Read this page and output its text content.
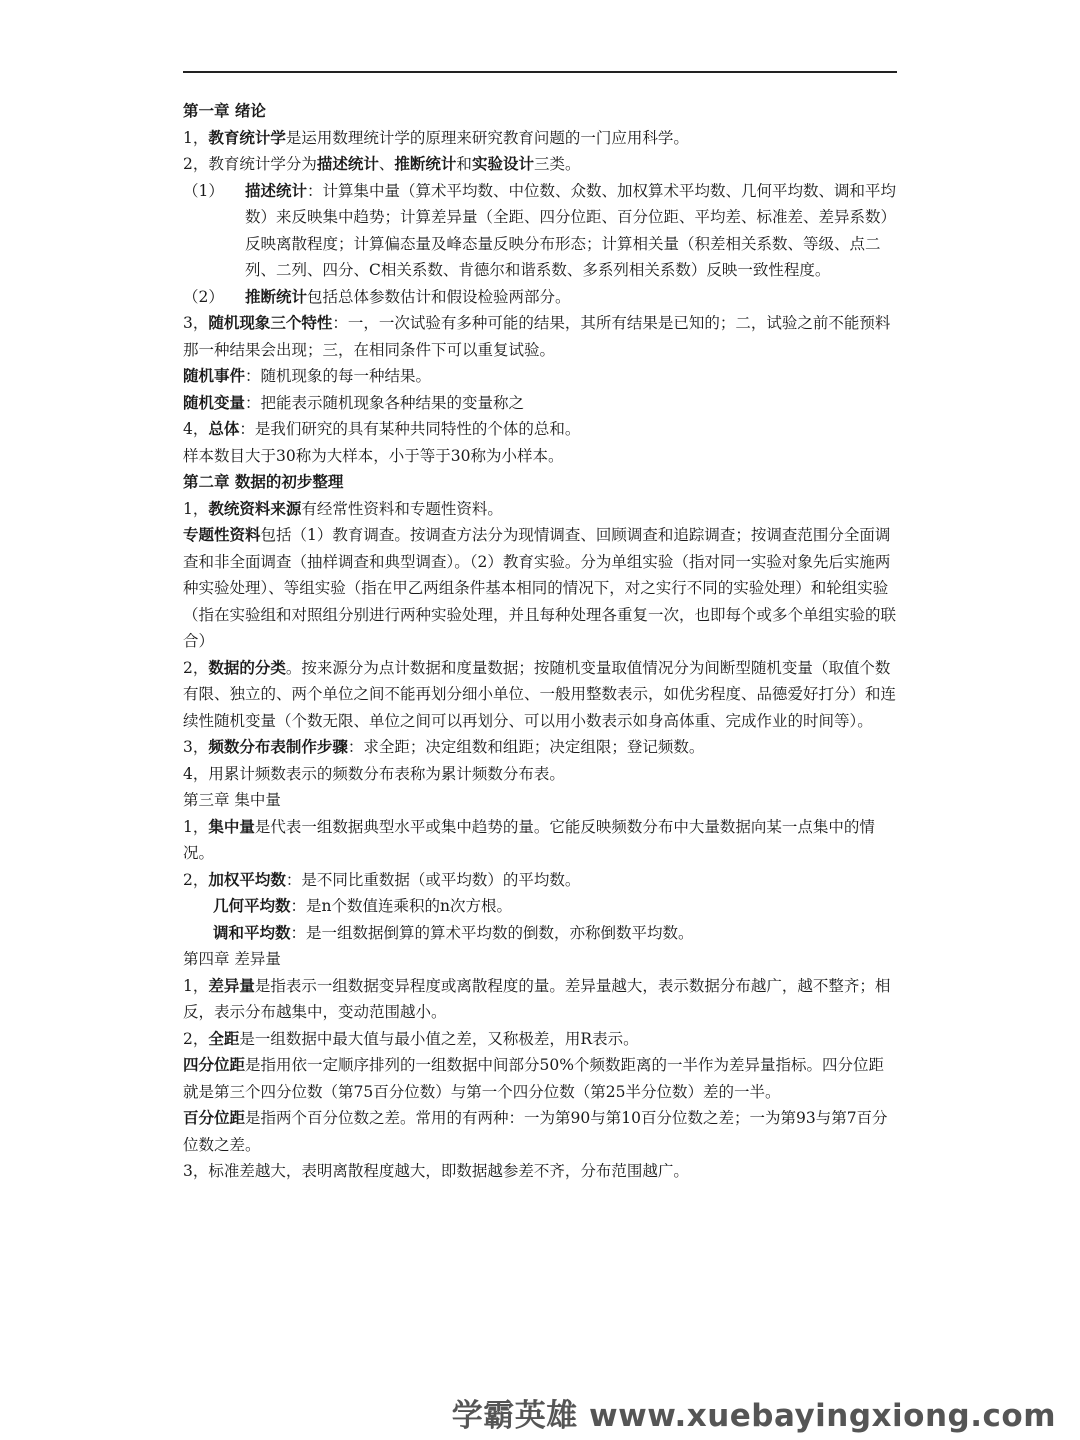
第一章 绪论

1，教育统计学是运用数理统计学的原理来研究教育问题的一门应用科学。

2，教育统计学分为描述统计、推断统计和实验设计三类。

（1）	描述统计：计算集中量（算术平均数、中位数、众数、加权算术平均数、几何平均数、调和平均数）来反映集中趋势；计算差异量（全距、四分位距、百分位距、平均差、标准差、差异系数）反映离散程度；计算偏态量及峰态量反映分布形态；计算相关量（积差相关系数、等级、点二列、二列、四分、C相关系数、肯德尔和谐系数、多系列相关系数）反映一致性程度。
（2）	推断统计包括总体参数估计和假设检验两部分。

3，随机现象三个特性：一，一次试验有多种可能的结果，其所有结果是已知的；二，试验之前不能预料那一种结果会出现；三，在相同条件下可以重复试验。

随机事件：随机现象的每一种结果。

随机变量：把能表示随机现象各种结果的变量称之

4，总体：是我们研究的具有某种共同特性的个体的总和。

样本数目大于30称为大样本，小于等于30称为小样本。

第二章 数据的初步整理

1，教统资料来源有经常性资料和专题性资料。

专题性资料包括（1）教育调查。按调查方法分为现情调查、回顾调查和追踪调查；按调查范围分全面调查和非全面调查（抽样调查和典型调查）。（2）教育实验。分为单组实验（指对同一实验对象先后实施两种实验处理）、等组实验（指在甲乙两组条件基本相同的情况下，对之实行不同的实验处理）和轮组实验（指在实验组和对照组分别进行两种实验处理，并且每种处理各重复一次，也即每个或多个单组实验的联合）

2，数据的分类。按来源分为点计数据和度量数据；按随机变量取值情况分为间断型随机变量（取值个数有限、独立的、两个单位之间不能再划分细小单位、一般用整数表示，如优劣程度、品德爱好打分）和连续性随机变量（个数无限、单位之间可以再划分、可以用小数表示如身高体重、完成作业的时间等）。

3，频数分布表制作步骤：求全距；决定组数和组距；决定组限；登记频数。

4，用累计频数表示的频数分布表称为累计频数分布表。

第三章 集中量

1，集中量是代表一组数据典型水平或集中趋势的量。它能反映频数分布中大量数据向某一点集中的情况。

2，加权平均数：是不同比重数据（或平均数）的平均数。

几何平均数：是n个数值连乘积的n次方根。

调和平均数：是一组数据倒算的算术平均数的倒数，亦称倒数平均数。

第四章 差异量

1，差异量是指表示一组数据变异程度或离散程度的量。差异量越大，表示数据分布越广，越不整齐；相反，表示分布越集中，变动范围越小。

2，全距是一组数据中最大值与最小值之差，又称极差，用R表示。

四分位距是指用依一定顺序排列的一组数据中间部分50%个频数距离的一半作为差异量指标。四分位距就是第三个四分位数（第75百分位数）与第一个四分位数（第25半分位数）差的一半。

百分位距是指两个百分位数之差。常用的有两种：一为第90与第10百分位数之差；一为第93与第7百分位数之差。

3，标准差越大，表明离散程度越大，即数据越参差不齐，分布范围越广。

学霸英雄 www.xuebayingxiong.com
